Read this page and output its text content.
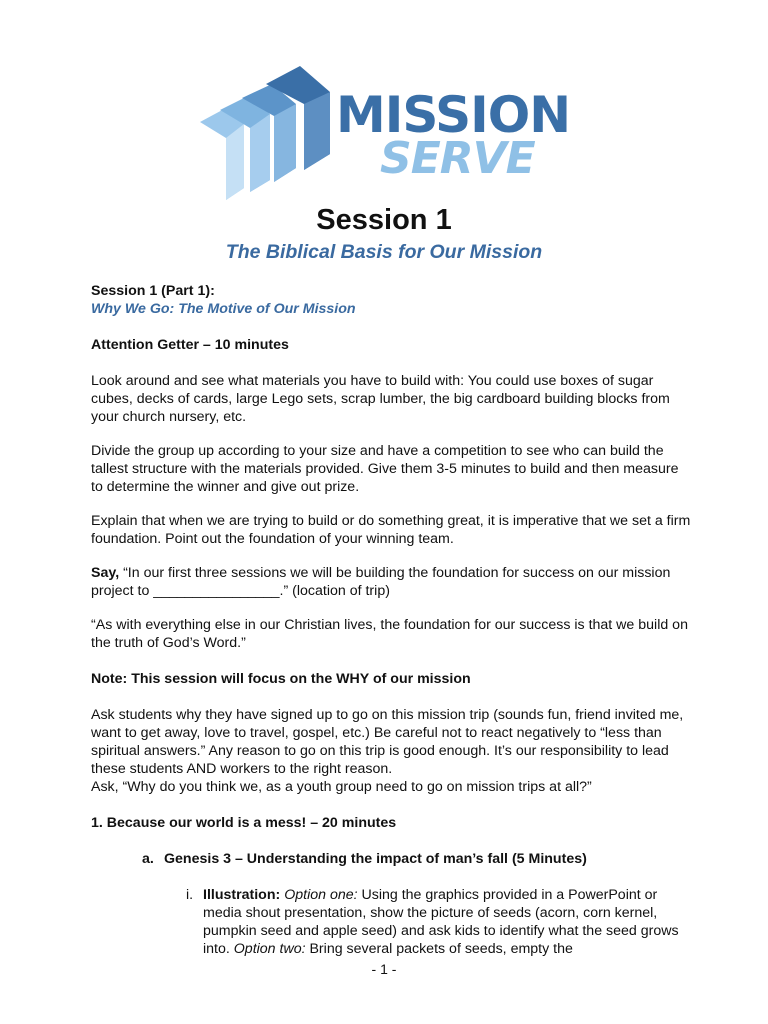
MISSION
SERVE
Session 1
The Biblical Basis for Our Mission

Session 1 (Part 1):

Why We Go: The Motive of Our Mission

Attention Getter – 10 minutes

Look around and see what materials you have to build with: You could use boxes of sugar cubes, decks of cards, large Lego sets, scrap lumber, the big cardboard building blocks from your church nursery, etc.

Divide the group up according to your size and have a competition to see who can build the tallest structure with the materials provided. Give them 3-5 minutes to build and then measure to determine the winner and give out prize.

Explain that when we are trying to build or do something great, it is imperative that we set a firm foundation. Point out the foundation of your winning team.

Say, “In our first three sessions we will be building the foundation for success on our mission project to ________________.” (location of trip)

“As with everything else in our Christian lives, the foundation for our success is that we build on the truth of God’s Word.”

Note: This session will focus on the WHY of our mission

Ask students why they have signed up to go on this mission trip (sounds fun, friend invited me, want to get away, love to travel, gospel, etc.) Be careful not to react negatively to “less than spiritual answers.” Any reason to go on this trip is good enough. It’s our responsibility to lead these students AND workers to the right reason.

Ask, “Why do you think we, as a youth group need to go on mission trips at all?”

1. Because our world is a mess! – 20 minutes

a. Genesis 3 – Understanding the impact of man’s fall (5 Minutes)

i. Illustration: Option one: Using the graphics provided in a PowerPoint or media shout presentation, show the picture of seeds (acorn, corn kernel, pumpkin seed and apple seed) and ask kids to identify what the seed grows into. Option two: Bring several packets of seeds, empty the

- 1 -
